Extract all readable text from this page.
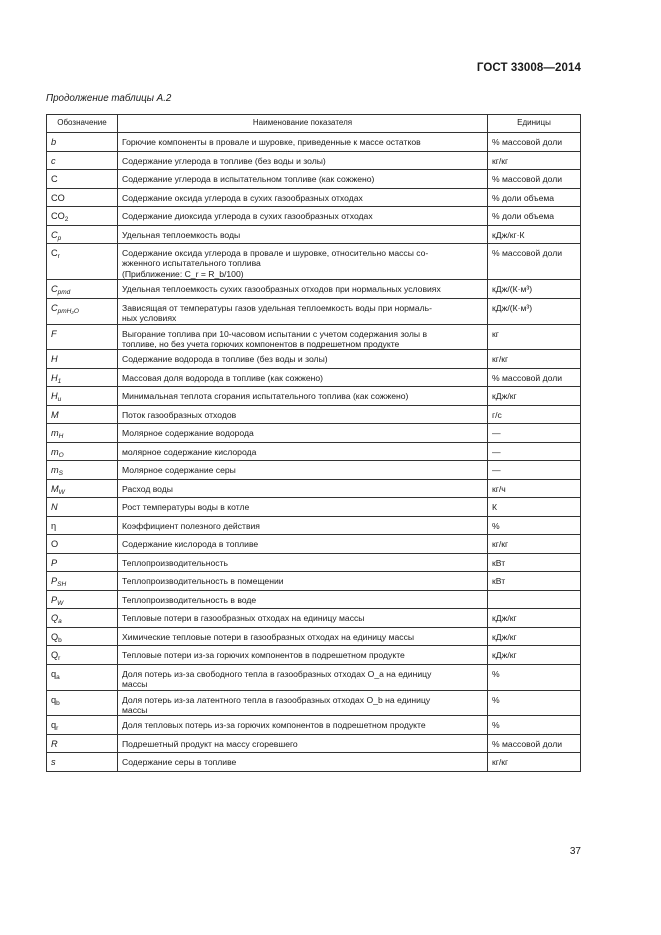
ГОСТ 33008—2014
Продолжение таблицы А.2
Обозначение	Наименование показателя	Единицы
b	Горючие компоненты в провале и шуровке, приведенные к массе остатков	% массовой доли
c	Содержание углерода в топливе (без воды и золы)	кг/кг
C	Содержание углерода в испытательном топливе (как сожжено)	% массовой доли
CO	Содержание оксида углерода в сухих газообразных отходах	% доли объема
$CO_2$	Содержание диоксида углерода в сухих газообразных отходах	% доли объема
$C_p$	Удельная теплоемкость воды	кДж/кг·К
$C_r$	Содержание оксида углерода в провале и шуровке, относительно массы со-
жженного испытательного топлива
(Приближение: C_r = R_b/100)	% массовой доли
$C_{pmd}$	Удельная теплоемкость сухих газообразных отходов при нормальных условиях	кДж/(К·м³)
$C_{pmH_2O}$	Зависящая от температуры газов удельная теплоемкость воды при нормаль-
ных условиях	кДж/(К·м³)
F	Выгорание топлива при 10-часовом испытании с учетом содержания золы в
топливе, но без учета горючих компонентов в подрешетном продукте	кг
H	Содержание водорода в топливе (без воды и золы)	кг/кг
$H_1$	Массовая доля водорода в топливе (как сожжено)	% массовой доли
$H_u$	Минимальная теплота сгорания испытательного топлива (как сожжено)	кДж/кг
M	Поток газообразных отходов	г/с
$m_H$	Молярное содержание водорода	—
$m_O$	молярное содержание кислорода	—
$m_S$	Молярное содержание серы	—
$M_W$	Расход воды	кг/ч
N	Рост температуры воды в котле	К
η	Коэффициент полезного действия	%
O	Содержание кислорода в топливе	кг/кг
P	Теплопроизводительность	кВт
$P_{SH}$	Теплопроизводительность в помещении	кВт
$P_W$	Теплопроизводительность в воде	
$Q_a$	Тепловые потери в газообразных отходах на единицу массы	кДж/кг
$Q_b$	Химические тепловые потери в газообразных отходах на единицу массы	кДж/кг
$Q_r$	Тепловые потери из-за горючих компонентов в подрешетном продукте	кДж/кг
$q_a$	Доля потерь из-за свободного тепла в газообразных отходах O_a на единицу
массы	%
$q_b$	Доля потерь из-за латентного тепла в газообразных отходах O_b на единицу
массы	%
$q_r$	Доля тепловых потерь из-за горючих компонентов в подрешетном продукте	%
R	Подрешетный продукт на массу сгоревшего	% массовой доли
s	Содержание серы в топливе	кг/кг
37
